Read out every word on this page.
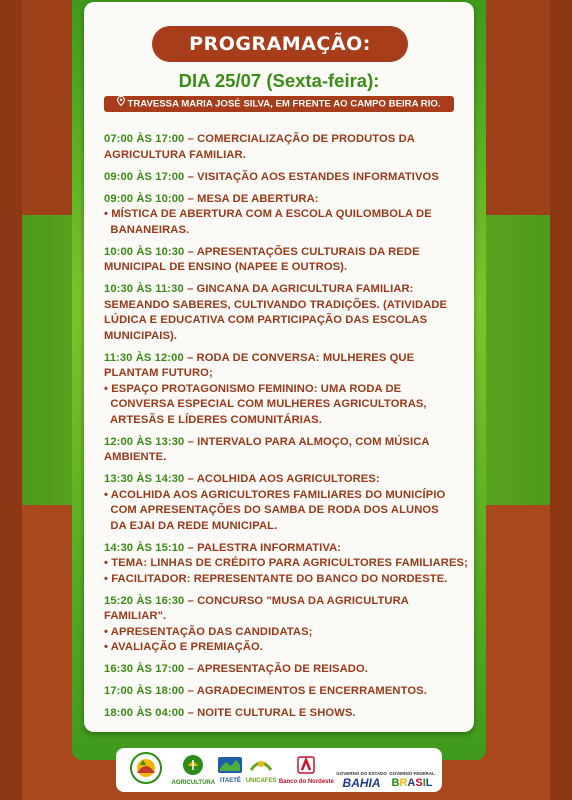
PROGRAMAÇÃO:
DIA 25/07 (Sexta-feira):
TRAVESSA MARIA JOSÉ SILVA, EM FRENTE AO CAMPO BEIRA RIO.
07:00 ÀS 17:00 – COMERCIALIZAÇÃO DE PRODUTOS DA
AGRICULTURA FAMILIAR.
09:00 ÀS 17:00 – VISITAÇÃO AOS ESTANDES INFORMATIVOS
09:00 ÀS 10:00 – MESA DE ABERTURA:
• MÍSTICA DE ABERTURA COM A ESCOLA QUILOMBOLA DE
BANANEIRAS.
10:00 ÀS 10:30 – APRESENTAÇÕES CULTURAIS DA REDE
MUNICIPAL DE ENSINO (NAPEE E OUTROS).
10:30 ÀS 11:30 – GINCANA DA AGRICULTURA FAMILIAR:
SEMEANDO SABERES, CULTIVANDO TRADIÇÕES. (ATIVIDADE
LÚDICA E EDUCATIVA COM PARTICIPAÇÃO DAS ESCOLAS
MUNICIPAIS).
11:30 ÀS 12:00 – RODA DE CONVERSA: MULHERES QUE
PLANTAM FUTURO;
• ESPAÇO PROTAGONISMO FEMININO: UMA RODA DE
CONVERSA ESPECIAL COM MULHERES AGRICULTORAS,
ARTESÃS E LÍDERES COMUNITÁRIAS.
12:00 ÀS 13:30 – INTERVALO PARA ALMOÇO, COM MÚSICA
AMBIENTE.
13:30 ÀS 14:30 – ACOLHIDA AOS AGRICULTORES:
• ACOLHIDA AOS AGRICULTORES FAMILIARES DO MUNICÍPIO
COM APRESENTAÇÕES DO SAMBA DE RODA DOS ALUNOS
DA EJAI DA REDE MUNICIPAL.
14:30 ÀS 15:10 – PALESTRA INFORMATIVA:
• TEMA: LINHAS DE CRÉDITO PARA AGRICULTORES FAMILIARES;
• FACILITADOR: REPRESENTANTE DO BANCO DO NORDESTE.
15:20 ÀS 16:30 – CONCURSO "MUSA DA AGRICULTURA
FAMILIAR".
• APRESENTAÇÃO DAS CANDIDATAS;
• AVALIAÇÃO E PREMIAÇÃO.
16:30 ÀS 17:00 – APRESENTAÇÃO DE REISADO.
17:00 ÀS 18:00 – AGRADECIMENTOS E ENCERRAMENTOS.
18:00 ÀS 04:00 – NOITE CULTURAL E SHOWS.
AGRICULTURA ITAETÊ UNICAFES Banco do Nordeste
GOVERNO DO ESTADO
BAHIA
GOVERNO FEDERAL
BRASIL
